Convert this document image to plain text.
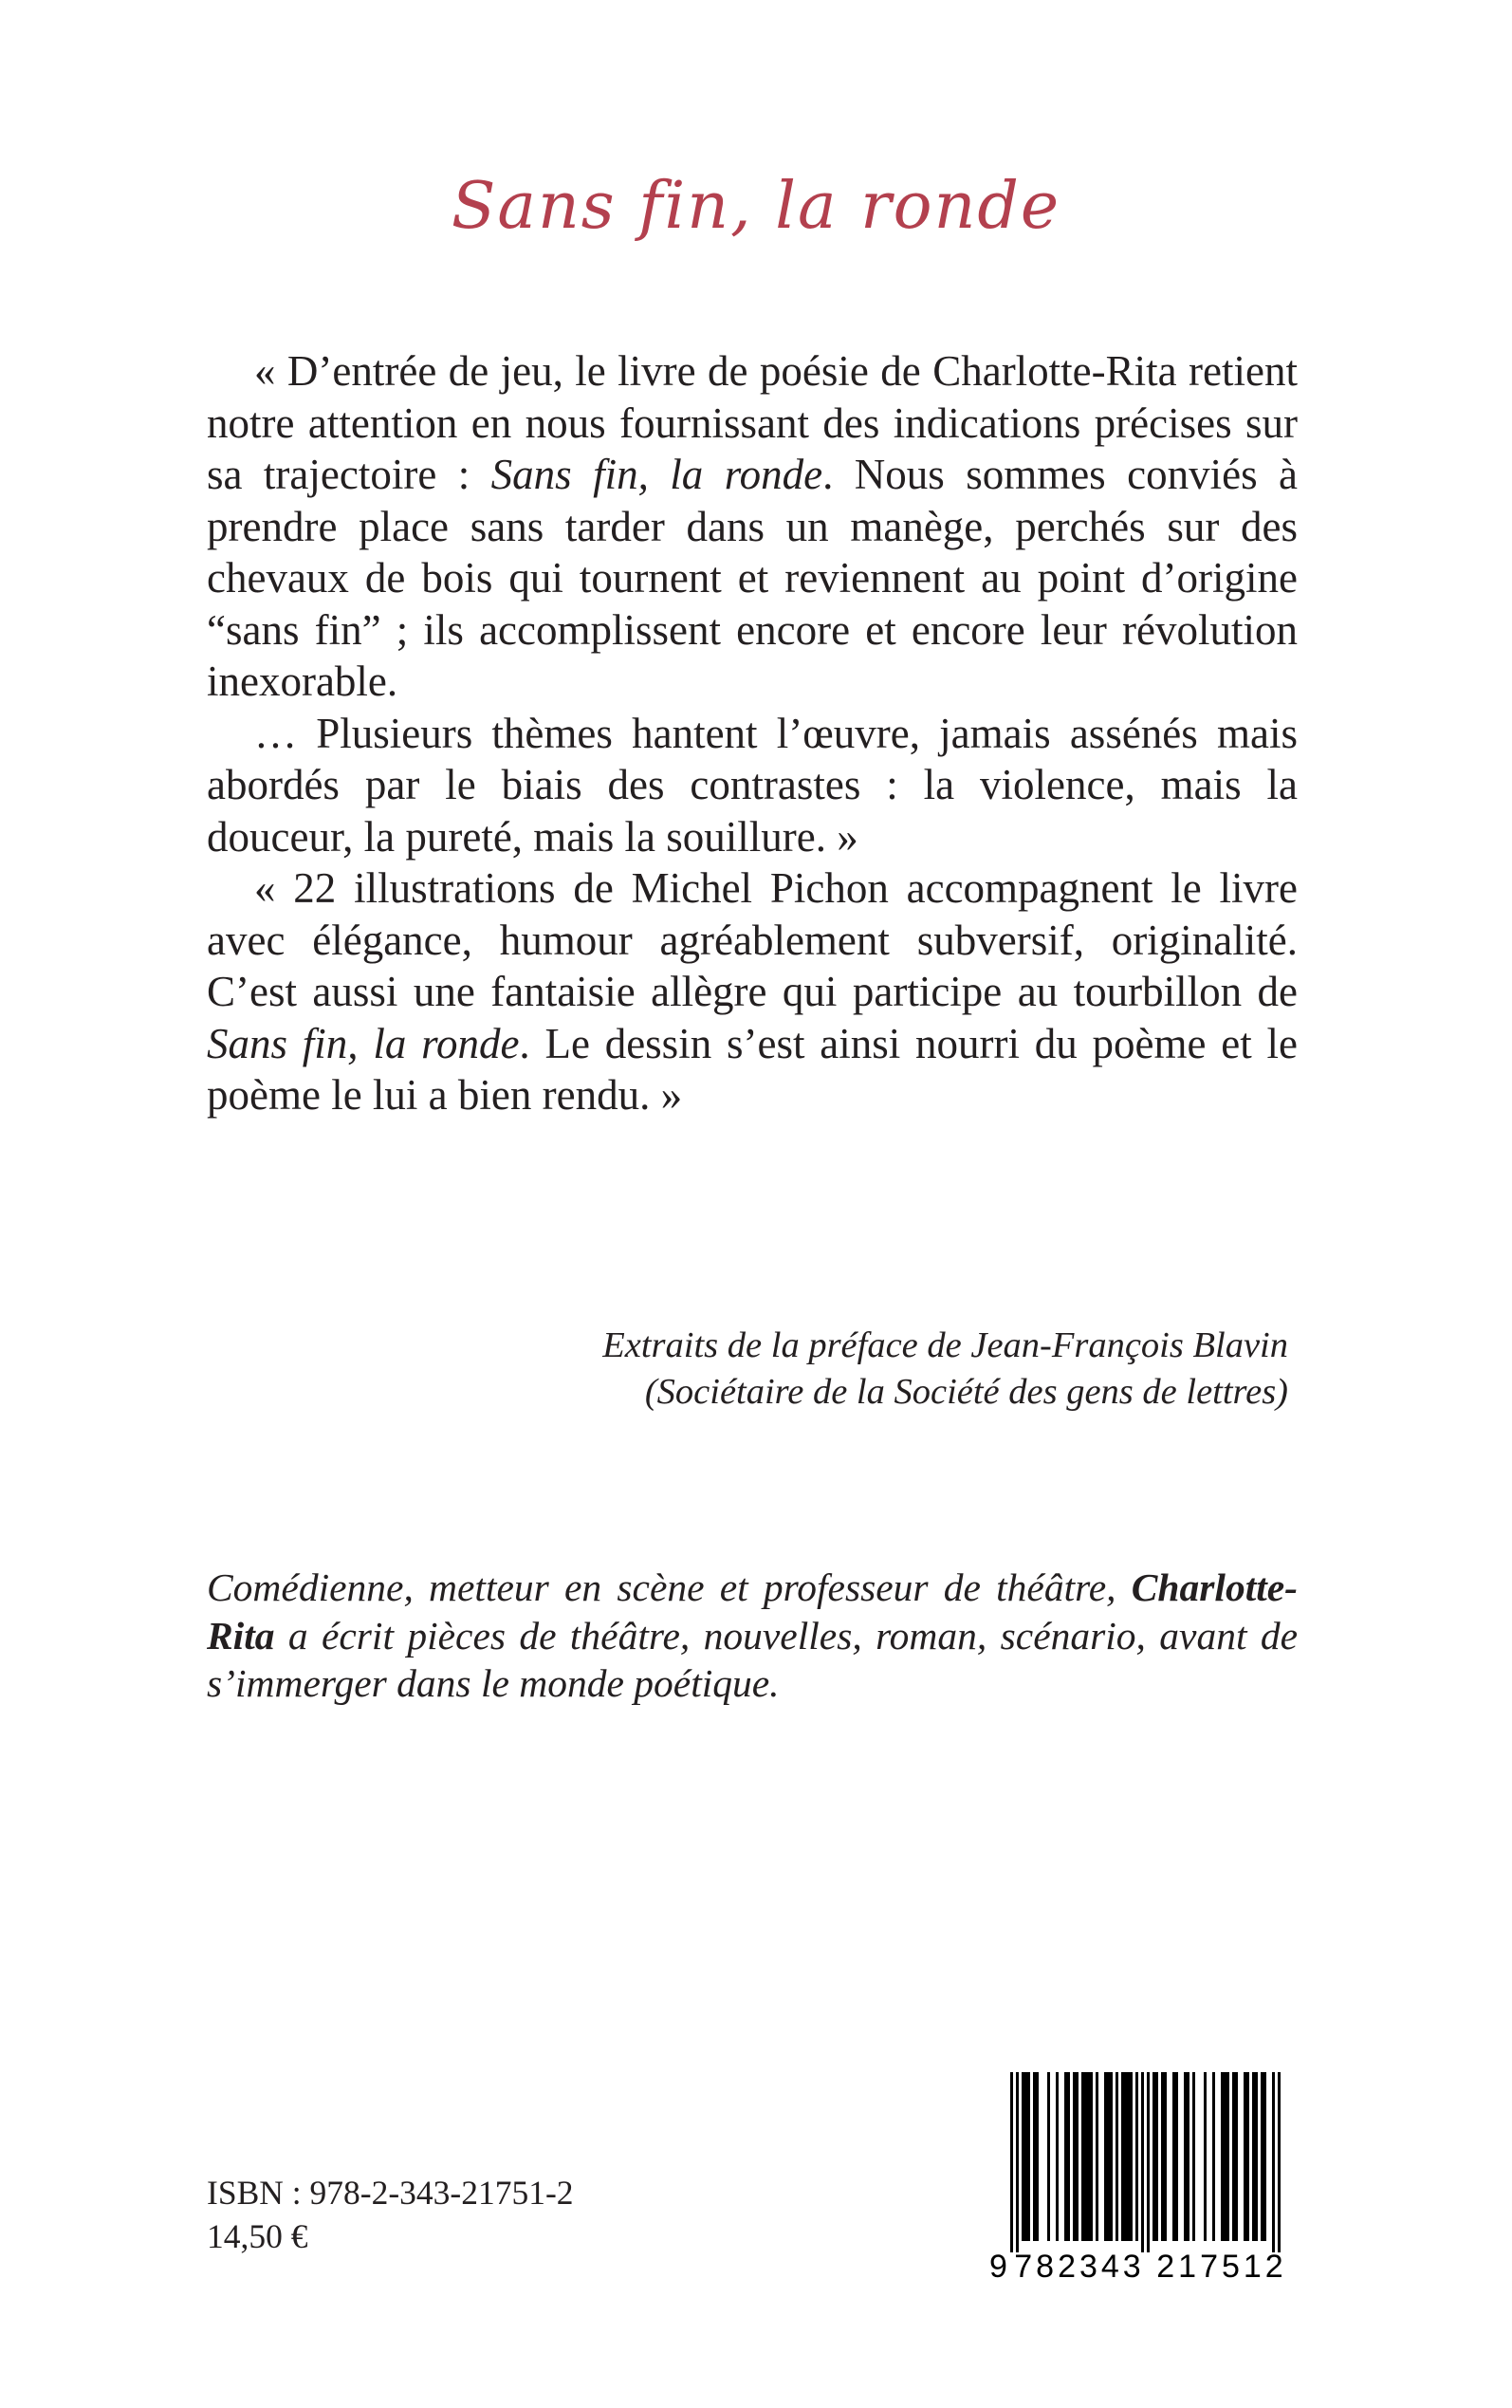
Sans fin, la ronde

« D’entrée de jeu, le livre de poésie de Charlotte-Rita retient notre attention en nous fournissant des indications précises sur sa trajectoire : Sans fin, la ronde. Nous sommes conviés à prendre place sans tarder dans un manège, perchés sur des chevaux de bois qui tournent et reviennent au point d’origine “sans fin” ; ils accomplissent encore et encore leur révolution inexorable.

… Plusieurs thèmes hantent l’œuvre, jamais assénés mais abordés par le biais des contrastes : la violence, mais la douceur, la pureté, mais la souillure. »

« 22 illustrations de Michel Pichon accompagnent le livre avec élégance, humour agréablement subversif, originalité. C’est aussi une fantaisie allègre qui participe au tourbillon de Sans fin, la ronde. Le dessin s’est ainsi nourri du poème et le poème le lui a bien rendu. »

Extraits de la préface de Jean-François Blavin
(Sociétaire de la Société des gens de lettres)
Comédienne, metteur en scène et professeur de théâtre, Charlotte-Rita a écrit pièces de théâtre, nouvelles, roman, scénario, avant de s’immerger dans le monde poétique.
ISBN : 978-2-343-21751-2
14,50 €
9 782343 217512
